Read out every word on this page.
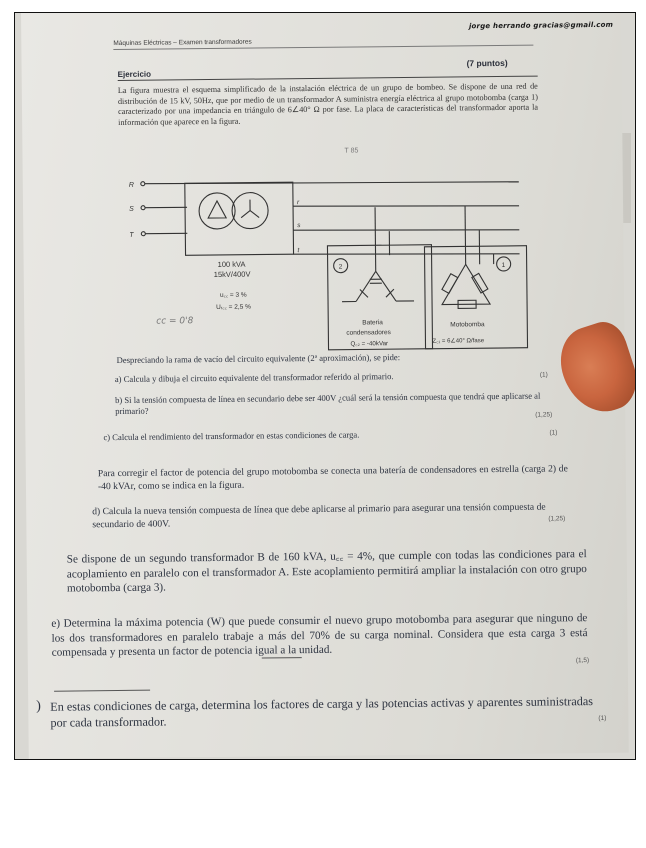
jorge herrando gracias@gmail.com
Máquinas Eléctricas – Examen transformadores
Ejercicio
(7 puntos)
La figura muestra el esquema simplificado de la instalación eléctrica de un grupo de bombeo. Se dispone de una red de distribución de 15 kV, 50Hz, que por medio de un transformador A suministra energía eléctrica al grupo motobomba (carga 1) caracterizado por una impedancia en triángulo de 6∠40° Ω por fase. La placa de características del transformador aporta la información que aparece en la figura.
T 85
R
S
T
r
s
t
100 kVA
15kV/400V
u꜀꜀ = 3 %
Uᵣ꜀꜀ = 2,5 %
2	1
Bateria
condensadores
Q꜀₂ = -40kVar
Motobomba
Z꜀₁ = 6∠40° Ω/fase
cc = 0'8
Despreciando la rama de vacío del circuito equivalente (2ª aproximación), se pide:
a) Calcula y dibuja el circuito equivalente del transformador referido al primario.	(1)
b) Si la tensión compuesta de línea en secundario debe ser 400V ¿cuál será la tensión compuesta que tendrá que aplicarse al primario?	(1,25)
c) Calcula el rendimiento del transformador en estas condiciones de carga.	(1)
Para corregir el factor de potencia del grupo motobomba se conecta una batería de condensadores en estrella (carga 2) de -40 kVAr, como se indica en la figura.
d) Calcula la nueva tensión compuesta de línea que debe aplicarse al primario para asegurar una tensión compuesta de secundario de 400V.	(1,25)
Se dispone de un segundo transformador B de 160 kVA, u꜀꜀ = 4%, que cumple con todas las condiciones para el acoplamiento en paralelo con el transformador A. Este acoplamiento permitirá ampliar la instalación con otro grupo motobomba (carga 3).
e) Determina la máxima potencia (W) que puede consumir el nuevo grupo motobomba para asegurar que ninguno de los dos transformadores en paralelo trabaje a más del 70% de su carga nominal. Considera que esta carga 3 está compensada y presenta un factor de potencia igual a la unidad.
(1,5)
) En estas condiciones de carga, determina los factores de carga y las potencias activas y aparentes suministradas por cada transformador.	(1)
